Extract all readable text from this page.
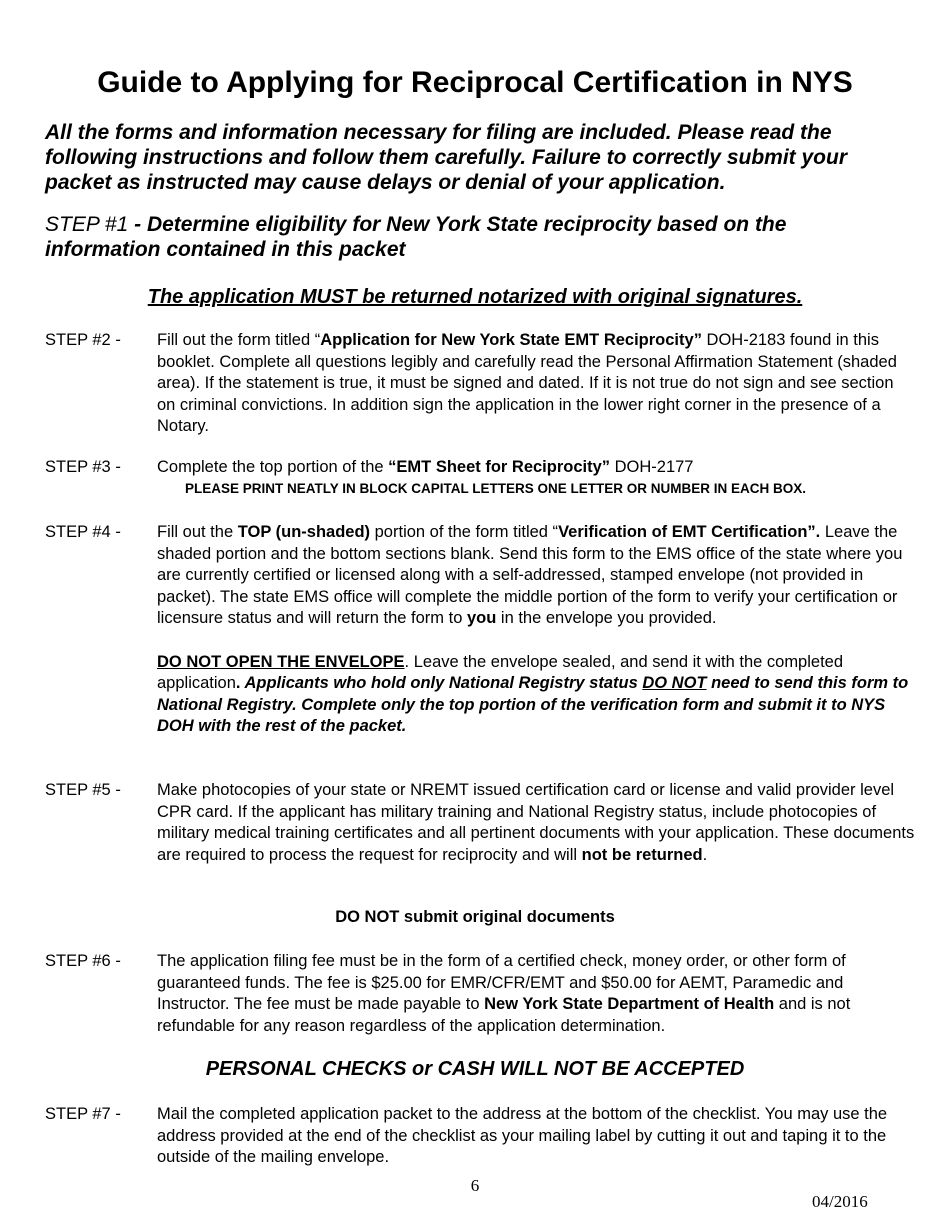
Guide to Applying for Reciprocal Certification in NYS
All the forms and information necessary for filing are included. Please read the following instructions and follow them carefully. Failure to correctly submit your packet as instructed may cause delays or denial of your application.
STEP #1 - Determine eligibility for New York State reciprocity based on the information contained in this packet
The application MUST be returned notarized with original signatures.
STEP #2 -	Fill out the form titled “Application for New York State EMT Reciprocity” DOH-2183 found in this booklet. Complete all questions legibly and carefully read the Personal Affirmation Statement (shaded area). If the statement is true, it must be signed and dated. If it is not true do not sign and see section on criminal convictions. In addition sign the application in the lower right corner in the presence of a Notary.
STEP #3 -	Complete the top portion of the “EMT Sheet for Reciprocity” DOH-2177
PLEASE PRINT NEATLY IN BLOCK CAPITAL LETTERS ONE LETTER OR NUMBER IN EACH BOX.
STEP #4 -	Fill out the TOP (un-shaded) portion of the form titled “Verification of EMT Certification”. Leave the shaded portion and the bottom sections blank. Send this form to the EMS office of the state where you are currently certified or licensed along with a self-addressed, stamped envelope (not provided in packet). The state EMS office will complete the middle portion of the form to verify your certification or licensure status and will return the form to you in the envelope you provided.
DO NOT OPEN THE ENVELOPE. Leave the envelope sealed, and send it with the completed application. Applicants who hold only National Registry status DO NOT need to send this form to National Registry. Complete only the top portion of the verification form and submit it to NYS DOH with the rest of the packet.
STEP #5 -	Make photocopies of your state or NREMT issued certification card or license and valid provider level CPR card. If the applicant has military training and National Registry status, include photocopies of military medical training certificates and all pertinent documents with your application. These documents are required to process the request for reciprocity and will not be returned.
DO NOT submit original documents
STEP #6 -	The application filing fee must be in the form of a certified check, money order, or other form of guaranteed funds. The fee is $25.00 for EMR/CFR/EMT and $50.00 for AEMT, Paramedic and Instructor. The fee must be made payable to New York State Department of Health and is not refundable for any reason regardless of the application determination.
PERSONAL CHECKS or CASH WILL NOT BE ACCEPTED
STEP #7 -	Mail the completed application packet to the address at the bottom of the checklist. You may use the address provided at the end of the checklist as your mailing label by cutting it out and taping it to the outside of the mailing envelope.
6
04/2016
